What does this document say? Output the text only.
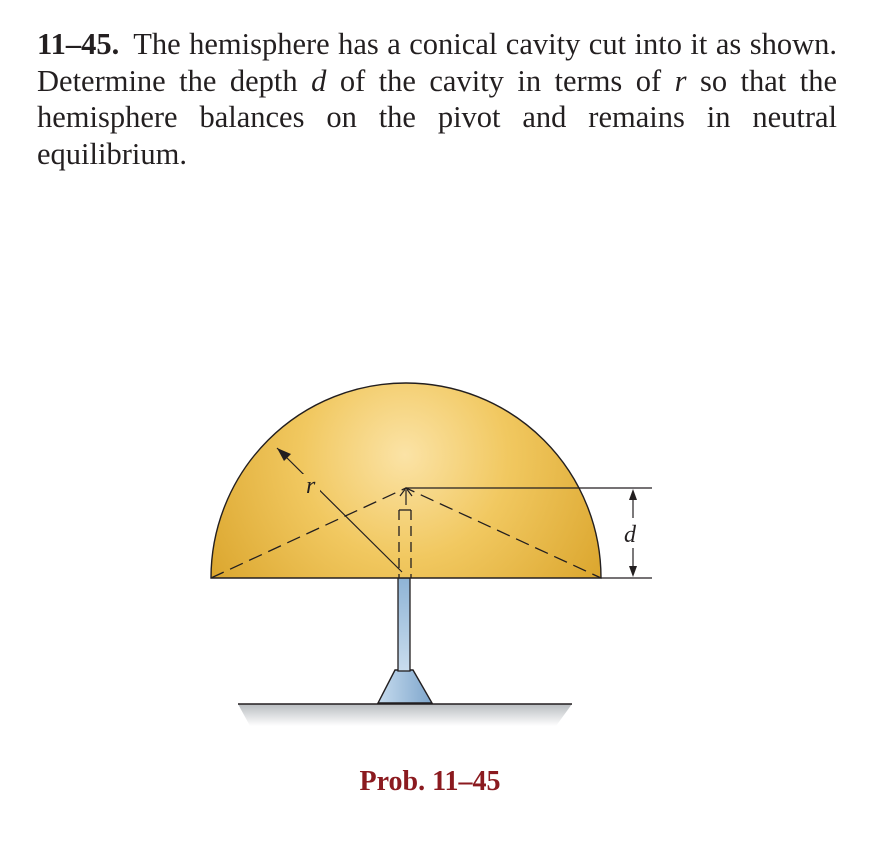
11–45. The hemisphere has a conical cavity cut into it as shown. Determine the depth d of the cavity in terms of r so that the hemisphere balances on the pivot and remains in neutral equilibrium.
r
d
Prob. 11–45
